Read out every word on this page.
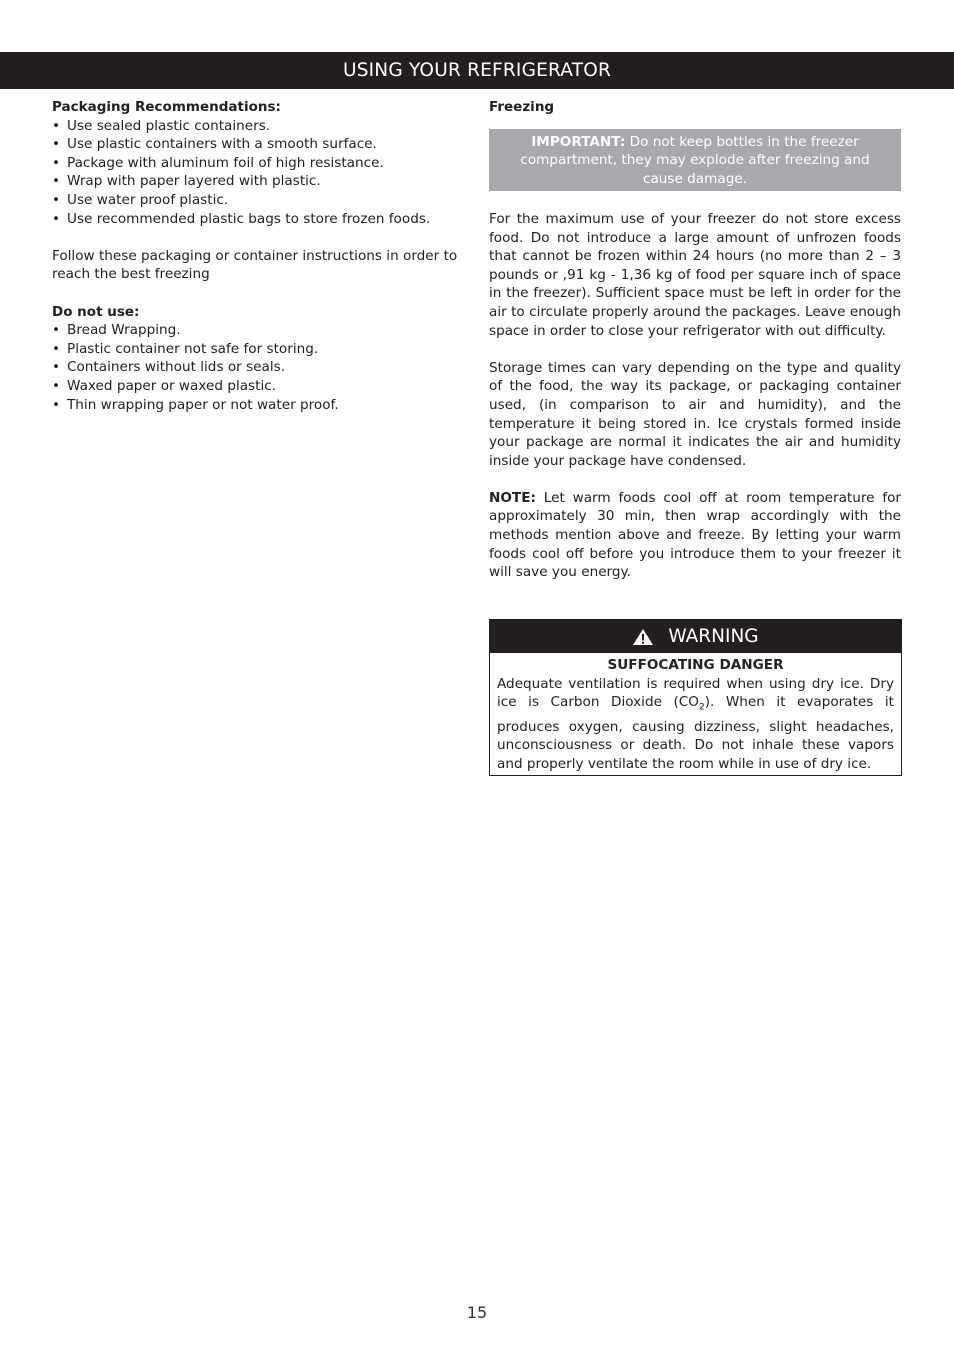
USING YOUR REFRIGERATOR

Packaging Recommendations:

• Use sealed plastic containers.
• Use plastic containers with a smooth surface.
• Package with aluminum foil of high resistance.
• Wrap with paper layered with plastic.
• Use water proof plastic.
• Use recommended plastic bags to store frozen foods.

Follow these packaging or container instructions in order to reach the best freezing

Do not use:

• Bread Wrapping.
• Plastic container not safe for storing.
• Containers without lids or seals.
• Waxed paper or waxed plastic.
• Thin wrapping paper or not water proof.

Freezing

IMPORTANT: Do not keep bottles in the freezer compartment, they may explode after freezing and cause damage.

For the maximum use of your freezer do not store excess food. Do not introduce a large amount of unfrozen foods that cannot be frozen within 24 hours (no more than 2 – 3 pounds or ,91 kg - 1,36 kg of food per square inch of space in the freezer). Sufficient space must be left in order for the air to circulate properly around the packages. Leave enough space in order to close your refrigerator with out difficulty.

Storage times can vary depending on the type and quality of the food, the way its package, or packaging container used, (in comparison to air and humidity), and the temperature it being stored in. Ice crystals formed inside your package are normal it indicates the air and humidity inside your package have condensed.

NOTE: Let warm foods cool off at room temperature for approximately 30 min, then wrap accordingly with the methods mention above and freeze. By letting your warm foods cool off before you introduce them to your freezer it will save you energy.

WARNING
SUFFOCATING DANGER
Adequate ventilation is required when using dry ice. Dry ice is Carbon Dioxide $(CO_2)$. When it evaporates it produces oxygen, causing dizziness, slight headaches, unconsciousness or death. Do not inhale these vapors and properly ventilate the room while in use of dry ice.
15
